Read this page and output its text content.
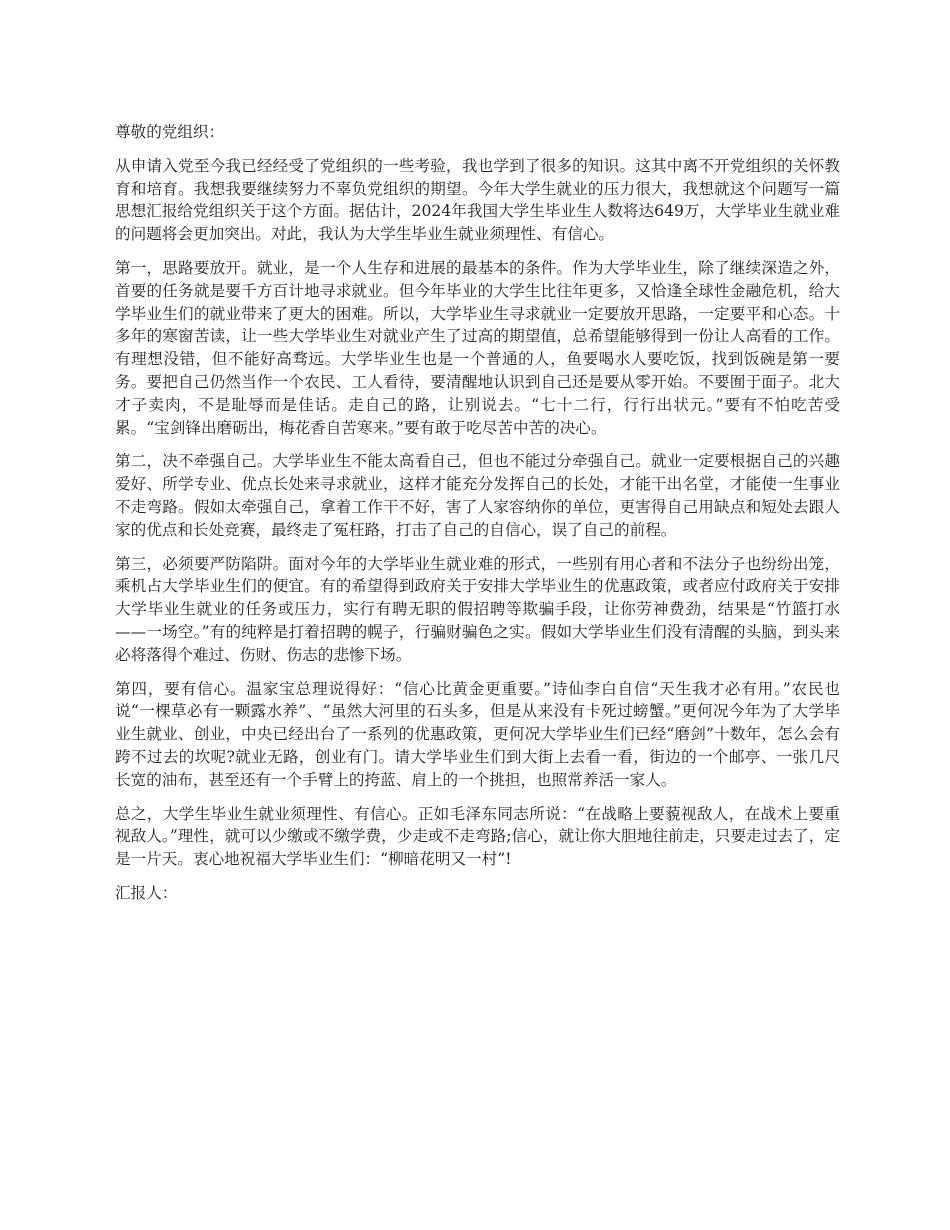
尊敬的党组织：

从申请入党至今我已经经受了党组织的一些考验，我也学到了很多的知识。这其中离不开党组织的关怀教育和培育。我想我要继续努力不辜负党组织的期望。今年大学生就业的压力很大，我想就这个问题写一篇思想汇报给党组织关于这个方面。据估计，2024年我国大学生毕业生人数将达649万，大学毕业生就业难的问题将会更加突出。对此，我认为大学生毕业生就业须理性、有信心。

第一，思路要放开。就业，是一个人生存和进展的最基本的条件。作为大学毕业生，除了继续深造之外，首要的任务就是要千方百计地寻求就业。但今年毕业的大学生比往年更多，又恰逢全球性金融危机，给大学毕业生们的就业带来了更大的困难。所以，大学毕业生寻求就业一定要放开思路，一定要平和心态。十多年的寒窗苦读，让一些大学毕业生对就业产生了过高的期望值，总希望能够得到一份让人高看的工作。有理想没错，但不能好高骛远。大学毕业生也是一个普通的人，鱼要喝水人要吃饭，找到饭碗是第一要务。要把自己仍然当作一个农民、工人看待，要清醒地认识到自己还是要从零开始。不要囿于面子。北大才子卖肉，不是耻辱而是佳话。走自己的路，让别说去。“七十二行，行行出状元。”要有不怕吃苦受累。“宝剑锋出磨砺出，梅花香自苦寒来。”要有敢于吃尽苦中苦的决心。

第二，决不牵强自己。大学毕业生不能太高看自己，但也不能过分牵强自己。就业一定要根据自己的兴趣爱好、所学专业、优点长处来寻求就业，这样才能充分发挥自己的长处，才能干出名堂，才能使一生事业不走弯路。假如太牵强自己，拿着工作干不好，害了人家容纳你的单位，更害得自己用缺点和短处去跟人家的优点和长处竞赛，最终走了冤枉路，打击了自己的自信心，误了自己的前程。

第三，必须要严防陷阱。面对今年的大学毕业生就业难的形式，一些别有用心者和不法分子也纷纷出笼，乘机占大学毕业生们的便宜。有的希望得到政府关于安排大学毕业生的优惠政策，或者应付政府关于安排大学毕业生就业的任务或压力，实行有聘无职的假招聘等欺骗手段，让你劳神费劲，结果是“竹篮打水——一场空。”有的纯粹是打着招聘的幌子，行骗财骗色之实。假如大学毕业生们没有清醒的头脑，到头来必将落得个难过、伤财、伤志的悲惨下场。

第四，要有信心。温家宝总理说得好：“信心比黄金更重要。”诗仙李白自信“天生我才必有用。”农民也说“一棵草必有一颗露水养”、“虽然大河里的石头多，但是从来没有卡死过螃蟹。”更何况今年为了大学毕业生就业、创业，中央已经出台了一系列的优惠政策，更何况大学毕业生们已经“磨剑”十数年，怎么会有跨不过去的坎呢?就业无路，创业有门。请大学毕业生们到大街上去看一看，街边的一个邮亭、一张几尺长宽的油布，甚至还有一个手臂上的挎蓝、肩上的一个挑担，也照常养活一家人。

总之，大学生毕业生就业须理性、有信心。正如毛泽东同志所说：“在战略上要藐视敌人，在战术上要重视敌人。”理性，就可以少缴或不缴学费，少走或不走弯路;信心，就让你大胆地往前走，只要走过去了，定是一片天。衷心地祝福大学毕业生们：“柳暗花明又一村”!

汇报人：
